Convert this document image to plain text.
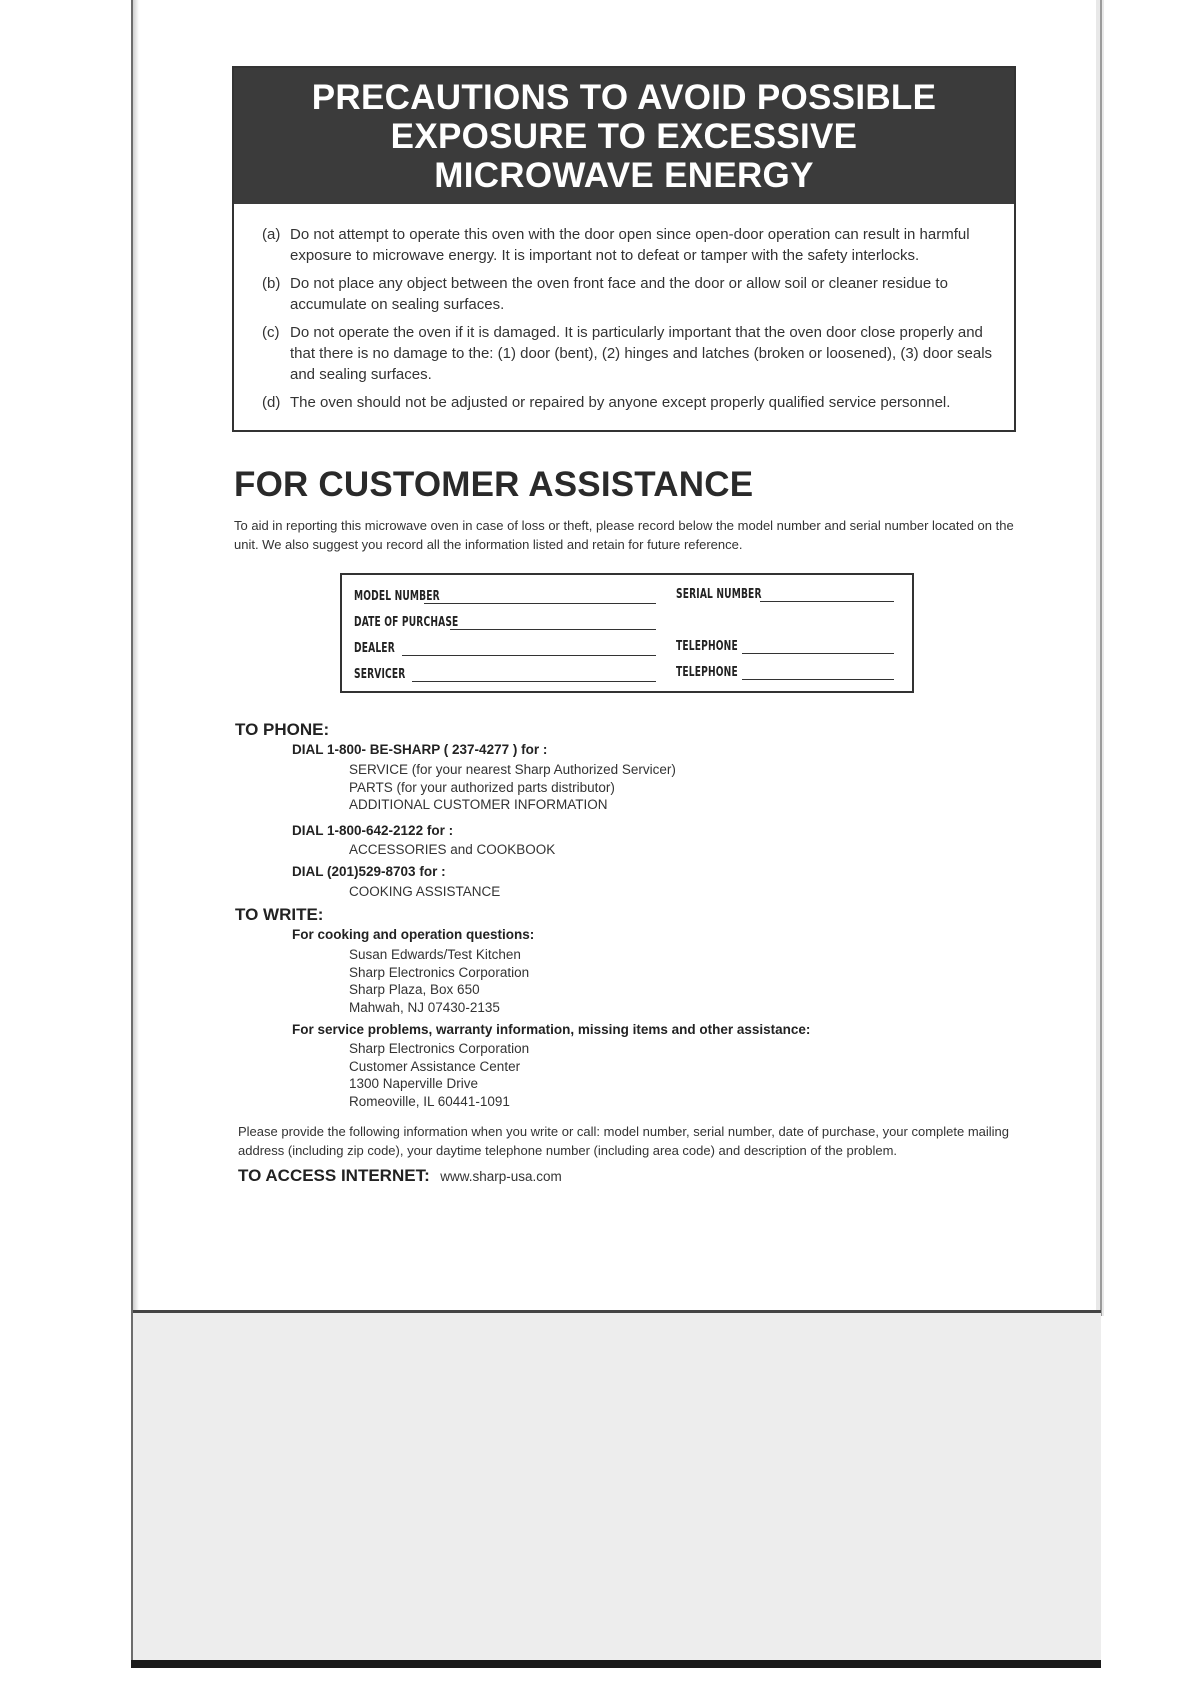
PRECAUTIONS TO AVOID POSSIBLE
EXPOSURE TO EXCESSIVE
MICROWAVE ENERGY
(a) Do not attempt to operate this oven with the door open since open-door operation can result in harmful exposure to microwave energy. It is important not to defeat or tamper with the safety interlocks.
(b) Do not place any object between the oven front face and the door or allow soil or cleaner residue to accumulate on sealing surfaces.
(c) Do not operate the oven if it is damaged. It is particularly important that the oven door close properly and that there is no damage to the: (1) door (bent), (2) hinges and latches (broken or loosened), (3) door seals and sealing surfaces.
(d) The oven should not be adjusted or repaired by anyone except properly qualified service personnel.
FOR CUSTOMER ASSISTANCE
To aid in reporting this microwave oven in case of loss or theft, please record below the model number and serial number located on the unit. We also suggest you record all the information listed and retain for future reference.
MODEL NUMBER	SERIAL NUMBER
DATE OF PURCHASE
DEALER	TELEPHONE
SERVICER	TELEPHONE
TO PHONE:
DIAL 1-800- BE-SHARP ( 237-4277 ) for :
SERVICE (for your nearest Sharp Authorized Servicer)
PARTS (for your authorized parts distributor)
ADDITIONAL CUSTOMER INFORMATION
DIAL 1-800-642-2122 for :
ACCESSORIES and COOKBOOK
DIAL (201)529-8703 for :
COOKING ASSISTANCE
TO WRITE:
For cooking and operation questions:
Susan Edwards/Test Kitchen
Sharp Electronics Corporation
Sharp Plaza, Box 650
Mahwah, NJ 07430-2135
For service problems, warranty information, missing items and other assistance:
Sharp Electronics Corporation
Customer Assistance Center
1300 Naperville Drive
Romeoville, IL 60441-1091
Please provide the following information when you write or call: model number, serial number, date of purchase, your complete mailing address (including zip code), your daytime telephone number (including area code) and description of the problem.
TO ACCESS INTERNET: www.sharp-usa.com
